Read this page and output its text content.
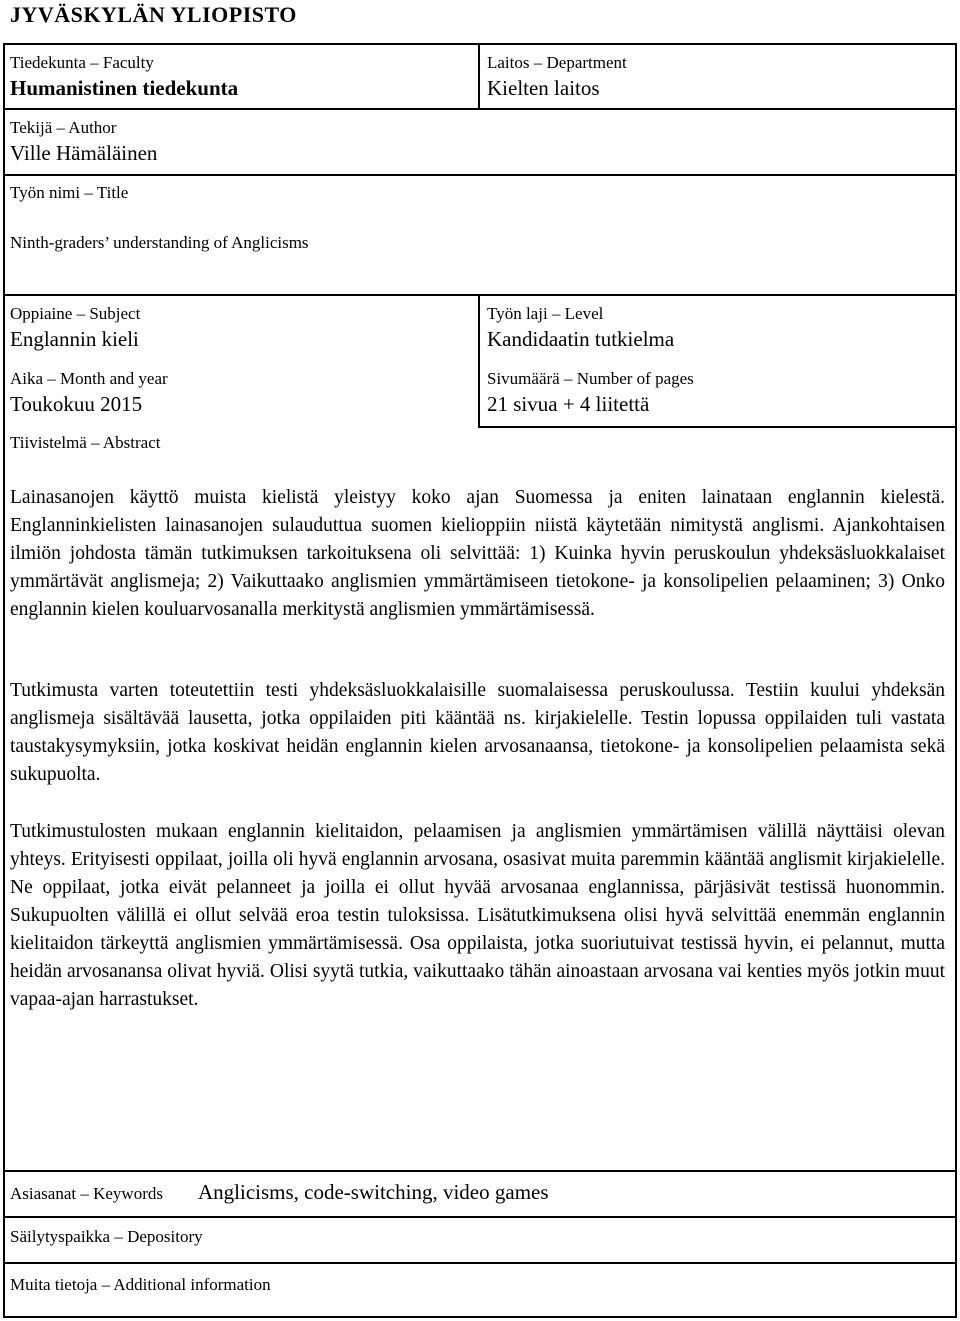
JYVÄSKYLÄN YLIOPISTO
Tiedekunta – Faculty
Humanistinen tiedekunta
Laitos – Department
Kielten laitos
Tekijä – Author
Ville Hämäläinen
Työn nimi – Title
Ninth-graders’ understanding of Anglicisms
Oppiaine – Subject
Englannin kieli
Työn laji – Level
Kandidaatin tutkielma
Aika – Month and year
Toukokuu 2015
Sivumäärä – Number of pages
21 sivua + 4 liitettä
Tiivistelmä – Abstract
Lainasanojen käyttö muista kielistä yleistyy koko ajan Suomessa ja eniten lainataan englannin kielestä. Englanninkielisten lainasanojen sulauduttua suomen kielioppiin niistä käytetään nimitystä anglismi. Ajankohtaisen ilmiön johdosta tämän tutkimuksen tarkoituksena oli selvittää: 1) Kuinka hyvin peruskoulun yhdeksäsluokkalaiset ymmärtävät anglismeja; 2) Vaikuttaako anglismien ymmärtämiseen tietokone- ja konsolipelien pelaaminen; 3) Onko englannin kielen kouluarvosanalla merkitystä anglismien ymmärtämisessä.
Tutkimusta varten toteutettiin testi yhdeksäsluokkalaisille suomalaisessa peruskoulussa. Testiin kuului yhdeksän anglismeja sisältävää lausetta, jotka oppilaiden piti kääntää ns. kirjakielelle. Testin lopussa oppilaiden tuli vastata taustakysymyksiin, jotka koskivat heidän englannin kielen arvosanaansa, tietokone- ja konsolipelien pelaamista sekä sukupuolta.
Tutkimustulosten mukaan englannin kielitaidon, pelaamisen ja anglismien ymmärtämisen välillä näyttäisi olevan yhteys. Erityisesti oppilaat, joilla oli hyvä englannin arvosana, osasivat muita paremmin kääntää anglismit kirjakielelle. Ne oppilaat, jotka eivät pelanneet ja joilla ei ollut hyvää arvosanaa englannissa, pärjäsivät testissä huonommin. Sukupuolten välillä ei ollut selvää eroa testin tuloksissa. Lisätutkimuksena olisi hyvä selvittää enemmän englannin kielitaidon tärkeyttä anglismien ymmärtämisessä. Osa oppilaista, jotka suoriutuivat testissä hyvin, ei pelannut, mutta heidän arvosanansa olivat hyviä. Olisi syytä tutkia, vaikuttaako tähän ainoastaan arvosana vai kenties myös jotkin muut vapaa-ajan harrastukset.
Asiasanat – Keywords Anglicisms, code-switching, video games
Säilytyspaikka – Depository
Muita tietoja – Additional information
